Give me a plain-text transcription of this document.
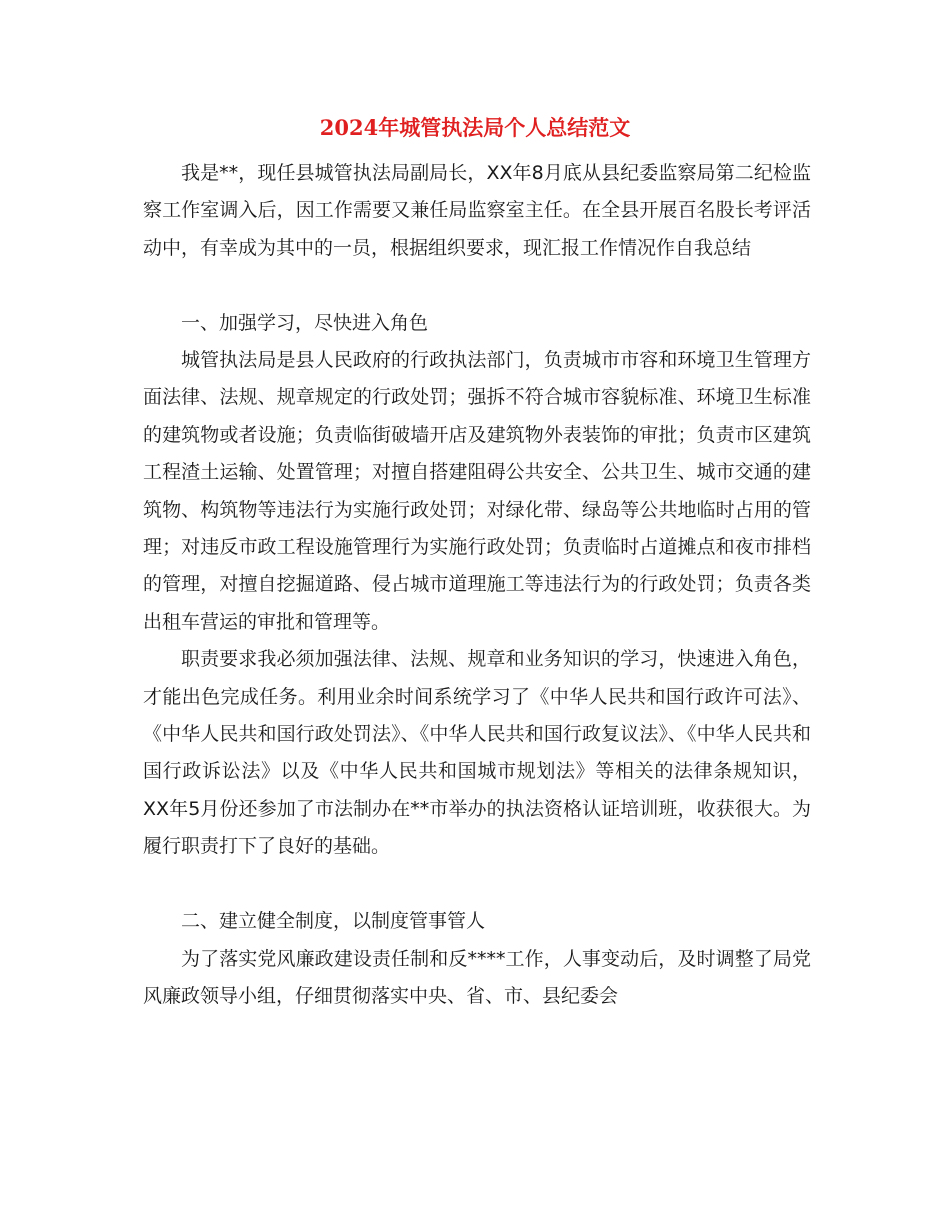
2024年城管执法局个人总结范文

我是**，现任县城管执法局副局长，XX年8月底从县纪委监察局第二纪检监察工作室调入后，因工作需要又兼任局监察室主任。在全县开展百名股长考评活动中，有幸成为其中的一员，根据组织要求，现汇报工作情况作自我总结

一、加强学习，尽快进入角色

城管执法局是县人民政府的行政执法部门，负责城市市容和环境卫生管理方面法律、法规、规章规定的行政处罚；强拆不符合城市容貌标准、环境卫生标准的建筑物或者设施；负责临街破墙开店及建筑物外表装饰的审批；负责市区建筑工程渣土运输、处置管理；对擅自搭建阻碍公共安全、公共卫生、城市交通的建筑物、构筑物等违法行为实施行政处罚；对绿化带、绿岛等公共地临时占用的管理；对违反市政工程设施管理行为实施行政处罚；负责临时占道摊点和夜市排档的管理，对擅自挖掘道路、侵占城市道理施工等违法行为的行政处罚；负责各类出租车营运的审批和管理等。

职责要求我必须加强法律、法规、规章和业务知识的学习，快速进入角色，才能出色完成任务。利用业余时间系统学习了《中华人民共和国行政许可法》、《中华人民共和国行政处罚法》、《中华人民共和国行政复议法》、《中华人民共和国行政诉讼法》以及《中华人民共和国城市规划法》等相关的法律条规知识，XX年5月份还参加了市法制办在**市举办的执法资格认证培训班，收获很大。为履行职责打下了良好的基础。

二、建立健全制度，以制度管事管人

为了落实党风廉政建设责任制和反****工作，人事变动后，及时调整了局党风廉政领导小组，仔细贯彻落实中央、省、市、县纪委会
